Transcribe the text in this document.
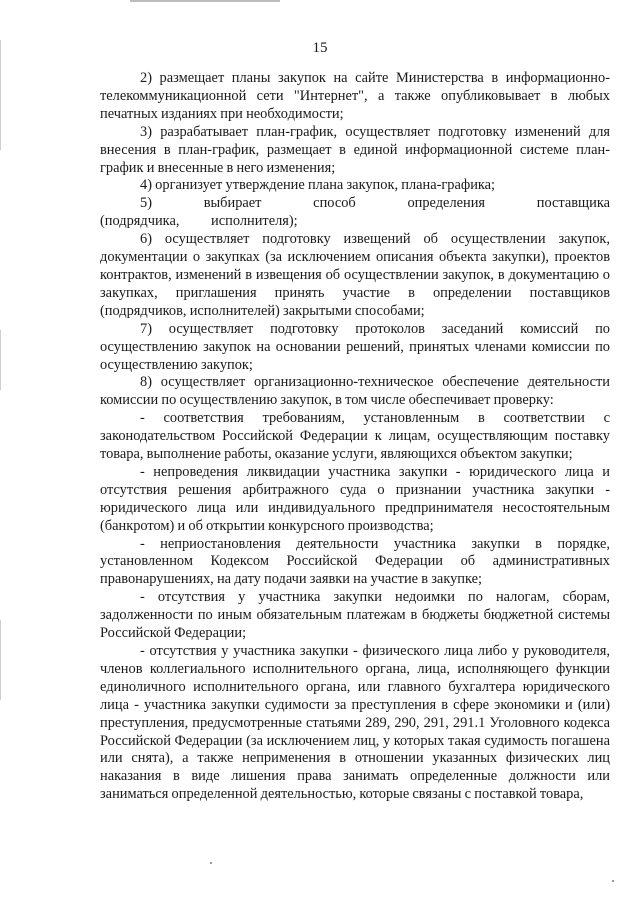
15

2) размещает планы закупок на сайте Министерства в информационно-телекоммуникационной сети "Интернет", а также опубликовывает в любых печатных изданиях при необходимости;

3) разрабатывает план-график, осуществляет подготовку изменений для внесения в план-график, размещает в единой информационной системе план-график и внесенные в него изменения;

4) организует утверждение плана закупок, плана-графика;

5) выбирает способ определения поставщика (подрядчика, исполнителя);

6) осуществляет подготовку извещений об осуществлении закупок, документации о закупках (за исключением описания объекта закупки), проектов контрактов, изменений в извещения об осуществлении закупок, в документацию о закупках, приглашения принять участие в определении поставщиков (подрядчиков, исполнителей) закрытыми способами;

7) осуществляет подготовку протоколов заседаний комиссий по осуществлению закупок на основании решений, принятых членами комиссии по осуществлению закупок;

8) осуществляет организационно-техническое обеспечение деятельности комиссии по осуществлению закупок, в том числе обеспечивает проверку:

- соответствия требованиям, установленным в соответствии с законодательством Российской Федерации к лицам, осуществляющим поставку товара, выполнение работы, оказание услуги, являющихся объектом закупки;

- непроведения ликвидации участника закупки - юридического лица и отсутствия решения арбитражного суда о признании участника закупки - юридического лица или индивидуального предпринимателя несостоятельным (банкротом) и об открытии конкурсного производства;

- неприостановления деятельности участника закупки в порядке, установленном Кодексом Российской Федерации об административных правонарушениях, на дату подачи заявки на участие в закупке;

- отсутствия у участника закупки недоимки по налогам, сборам, задолженности по иным обязательным платежам в бюджеты бюджетной системы Российской Федерации;

- отсутствия у участника закупки - физического лица либо у руководителя, членов коллегиального исполнительного органа, лица, исполняющего функции единоличного исполнительного органа, или главного бухгалтера юридического лица - участника закупки судимости за преступления в сфере экономики и (или) преступления, предусмотренные статьями 289, 290, 291, 291.1 Уголовного кодекса Российской Федерации (за исключением лиц, у которых такая судимость погашена или снята), а также неприменения в отношении указанных физических лиц наказания в виде лишения права занимать определенные должности или заниматься определенной деятельностью, которые связаны с поставкой товара,
